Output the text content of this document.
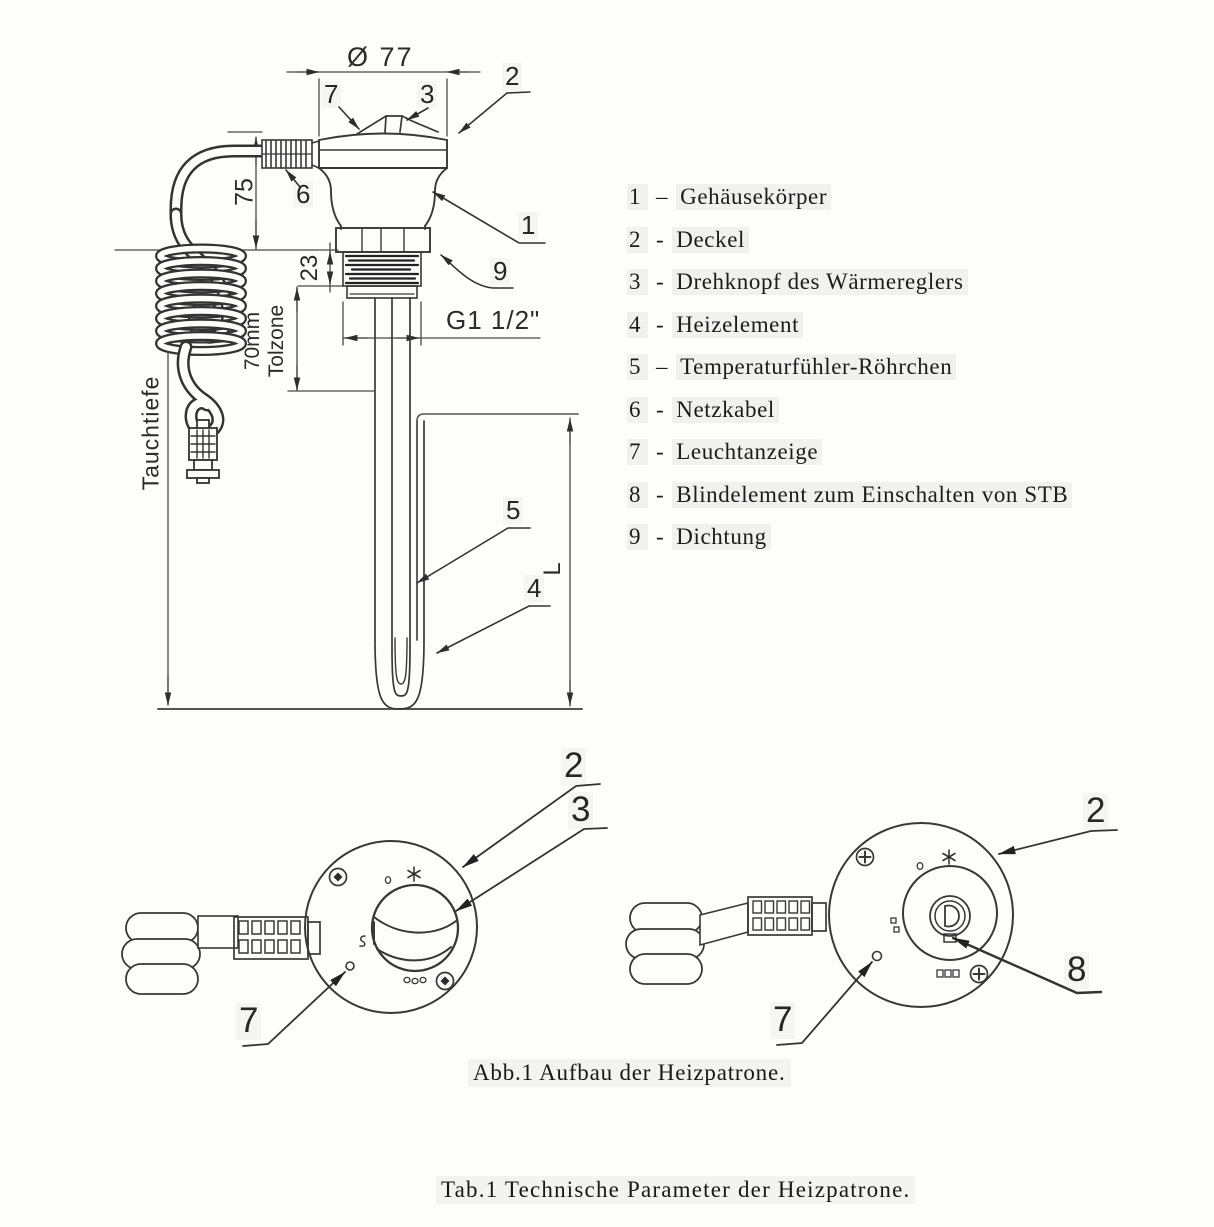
Ø 77
75
23
70mm Tolzone	G1 1/2"
Tauchtiefe
L
7	3
2
6
1
9
5
4
2
3
7
2
7
8
1 – Gehäusekörper
2 - Deckel
3 - Drehknopf des Wärmereglers
4 - Heizelement
5 – Temperaturfühler-Röhrchen
6 - Netzkabel
7 - Leuchtanzeige
8 - Blindelement zum Einschalten von STB
9 - Dichtung
Abb.1 Aufbau der Heizpatrone.
Tab.1 Technische Parameter der Heizpatrone.
